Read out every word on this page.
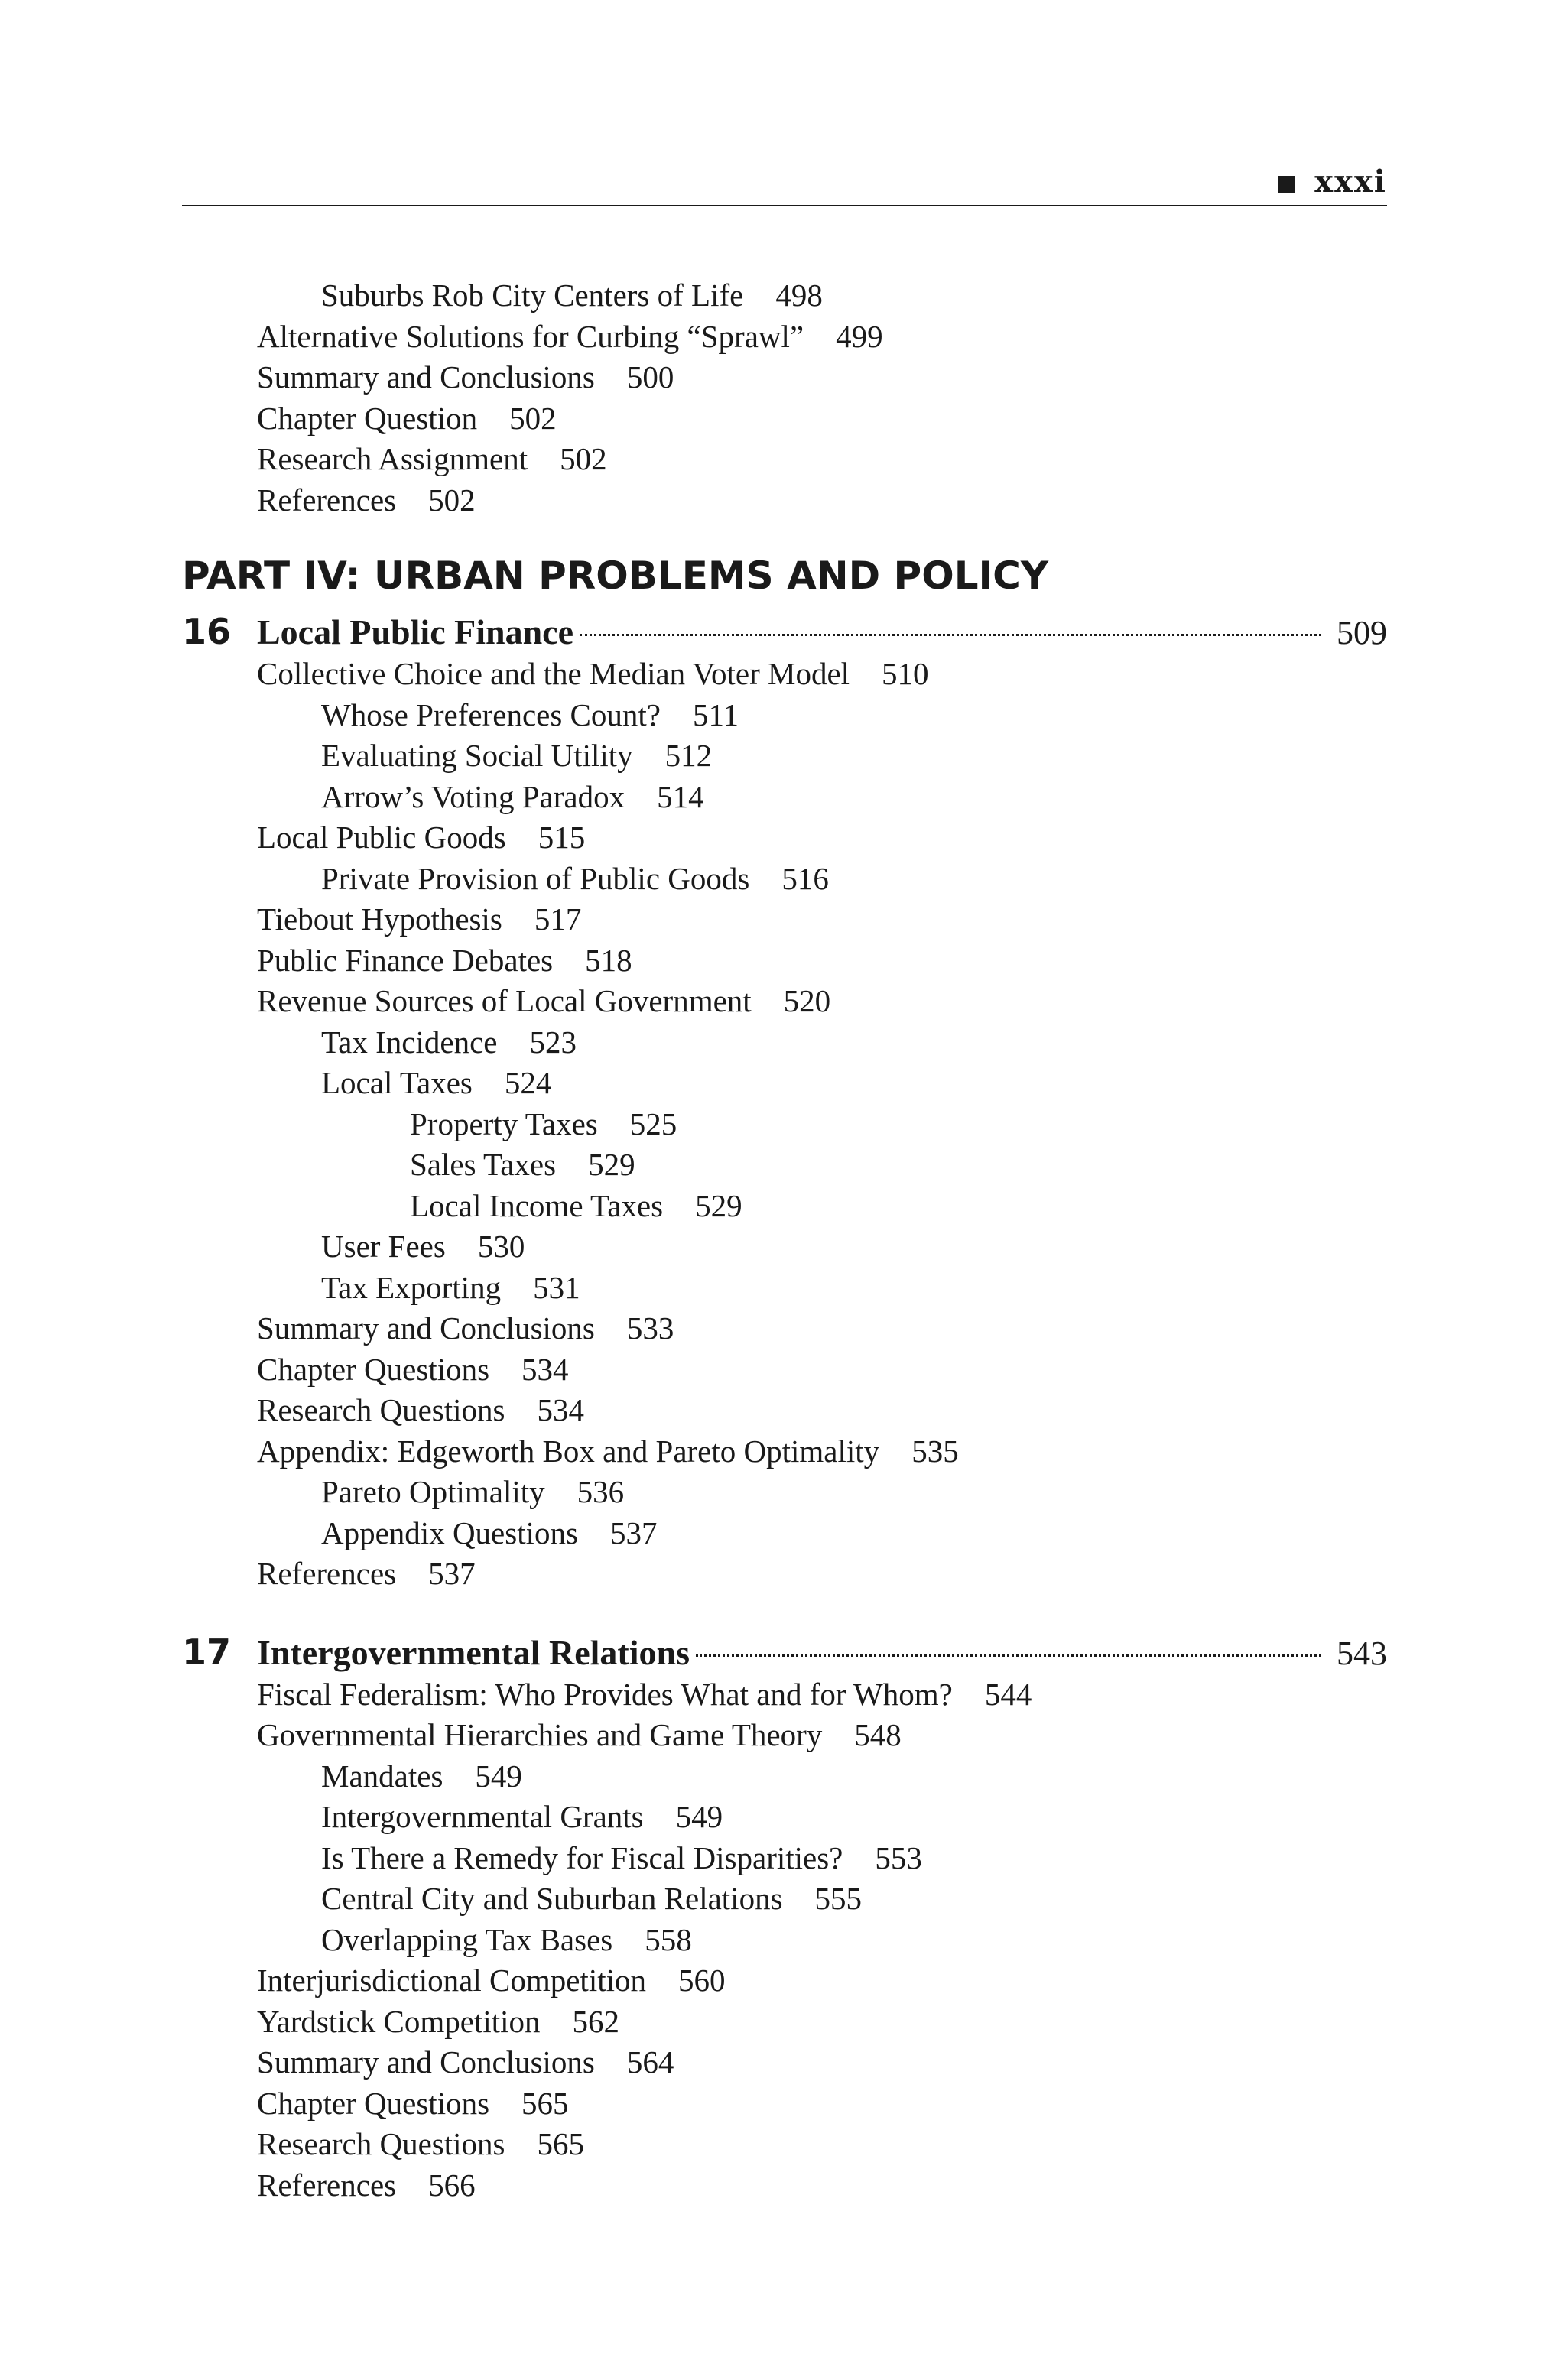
xxxi
Suburbs Rob City Centers of Life 498
Alternative Solutions for Curbing “Sprawl” 499
Summary and Conclusions 500
Chapter Question 502
Research Assignment 502
References 502
PART IV: URBAN PROBLEMS AND POLICY
16 Local Public Finance	509
Collective Choice and the Median Voter Model 510
Whose Preferences Count? 511
Evaluating Social Utility 512
Arrow’s Voting Paradox 514
Local Public Goods 515
Private Provision of Public Goods 516
Tiebout Hypothesis 517
Public Finance Debates 518
Revenue Sources of Local Government 520
Tax Incidence 523
Local Taxes 524
Property Taxes 525
Sales Taxes 529
Local Income Taxes 529
User Fees 530
Tax Exporting 531
Summary and Conclusions 533
Chapter Questions 534
Research Questions 534
Appendix: Edgeworth Box and Pareto Optimality 535
Pareto Optimality 536
Appendix Questions 537
References 537
17 Intergovernmental Relations	543
Fiscal Federalism: Who Provides What and for Whom? 544
Governmental Hierarchies and Game Theory 548
Mandates 549
Intergovernmental Grants 549
Is There a Remedy for Fiscal Disparities? 553
Central City and Suburban Relations 555
Overlapping Tax Bases 558
Interjurisdictional Competition 560
Yardstick Competition 562
Summary and Conclusions 564
Chapter Questions 565
Research Questions 565
References 566
